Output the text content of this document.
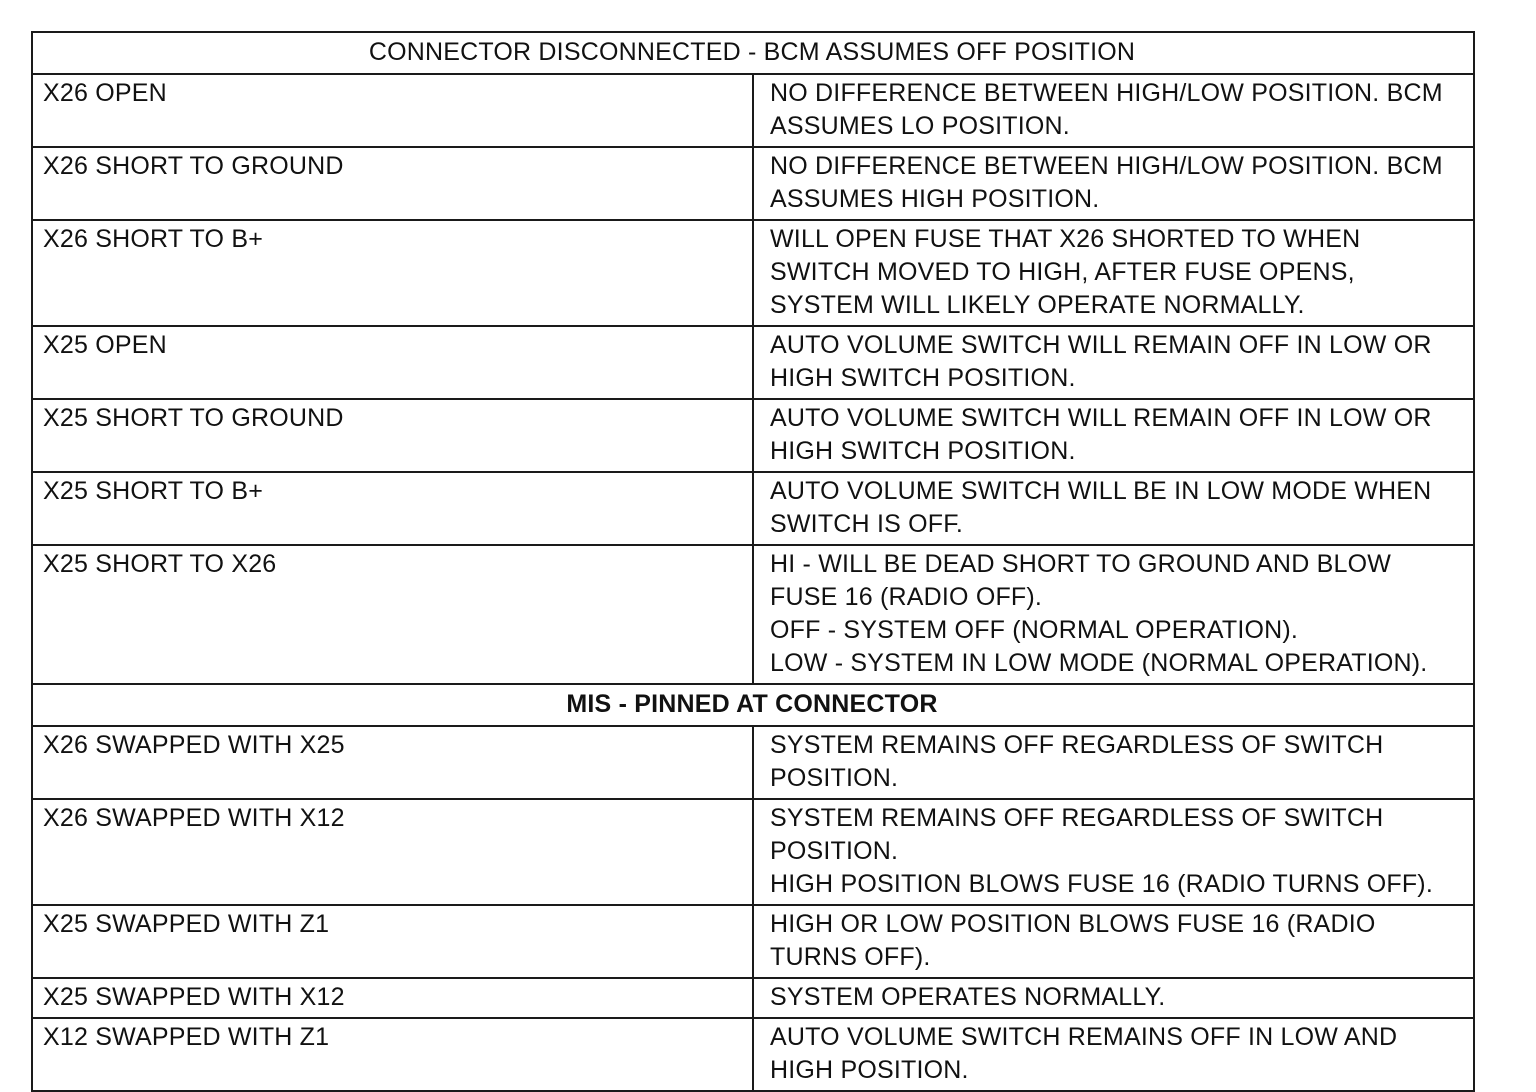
CONNECTOR DISCONNECTED - BCM ASSUMES OFF POSITION	
X26 OPEN	NO DIFFERENCE BETWEEN HIGH/LOW POSITION. BCM ASSUMES LO POSITION.
X26 SHORT TO GROUND	NO DIFFERENCE BETWEEN HIGH/LOW POSITION. BCM ASSUMES HIGH POSITION.
X26 SHORT TO B+	WILL OPEN FUSE THAT X26 SHORTED TO WHEN SWITCH MOVED TO HIGH, AFTER FUSE OPENS, SYSTEM WILL LIKELY OPERATE NORMALLY.
X25 OPEN	AUTO VOLUME SWITCH WILL REMAIN OFF IN LOW OR HIGH SWITCH POSITION.
X25 SHORT TO GROUND	AUTO VOLUME SWITCH WILL REMAIN OFF IN LOW OR HIGH SWITCH POSITION.
X25 SHORT TO B+	AUTO VOLUME SWITCH WILL BE IN LOW MODE WHEN SWITCH IS OFF.
X25 SHORT TO X26	HI - WILL BE DEAD SHORT TO GROUND AND BLOW FUSE 16 (RADIO OFF).
OFF - SYSTEM OFF (NORMAL OPERATION).
LOW - SYSTEM IN LOW MODE (NORMAL OPERATION).
MIS - PINNED AT CONNECTOR	
X26 SWAPPED WITH X25	SYSTEM REMAINS OFF REGARDLESS OF SWITCH POSITION.
X26 SWAPPED WITH X12	SYSTEM REMAINS OFF REGARDLESS OF SWITCH POSITION.
HIGH POSITION BLOWS FUSE 16 (RADIO TURNS OFF).
X25 SWAPPED WITH Z1	HIGH OR LOW POSITION BLOWS FUSE 16 (RADIO TURNS OFF).
X25 SWAPPED WITH X12	SYSTEM OPERATES NORMALLY.
X12 SWAPPED WITH Z1	AUTO VOLUME SWITCH REMAINS OFF IN LOW AND HIGH POSITION.
